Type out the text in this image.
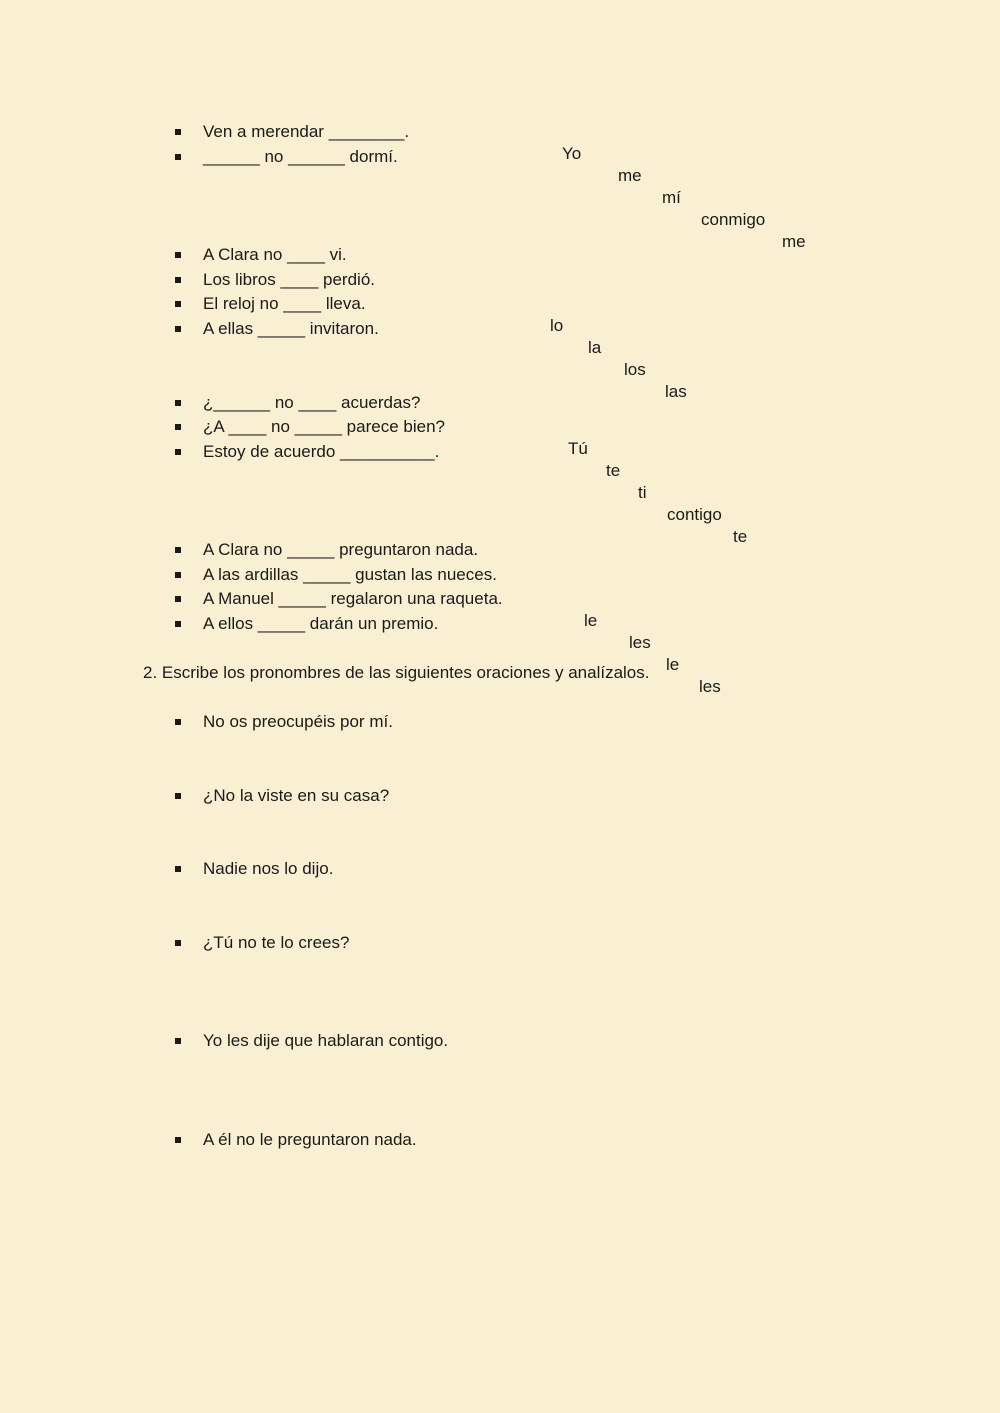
Ven a merendar ________.
______ no ______ dormí.

	Yo

me

mí

conmigo

me

A Clara no ____ vi.
Los libros ____ perdió.
El reloj no ____ lleva.
A ellas _____ invitaron.

	lo

la

los

las

¿______ no ____ acuerdas?
¿A ____ no _____ parece bien?
Estoy de acuerdo __________.

	Tú

te

ti

contigo

te

A Clara no _____ preguntaron nada.
A las ardillas _____ gustan las nueces.
A Manuel _____ regalaron una raqueta.
A ellos _____ darán un premio.

	le

les

le

les

2. Escribe los pronombres de las siguientes oraciones y analízalos.
No os preocupéis por mí.
¿No la viste en su casa?
Nadie nos lo dijo.
¿Tú no te lo crees?
Yo les dije que hablaran contigo.
A él no le preguntaron nada.
